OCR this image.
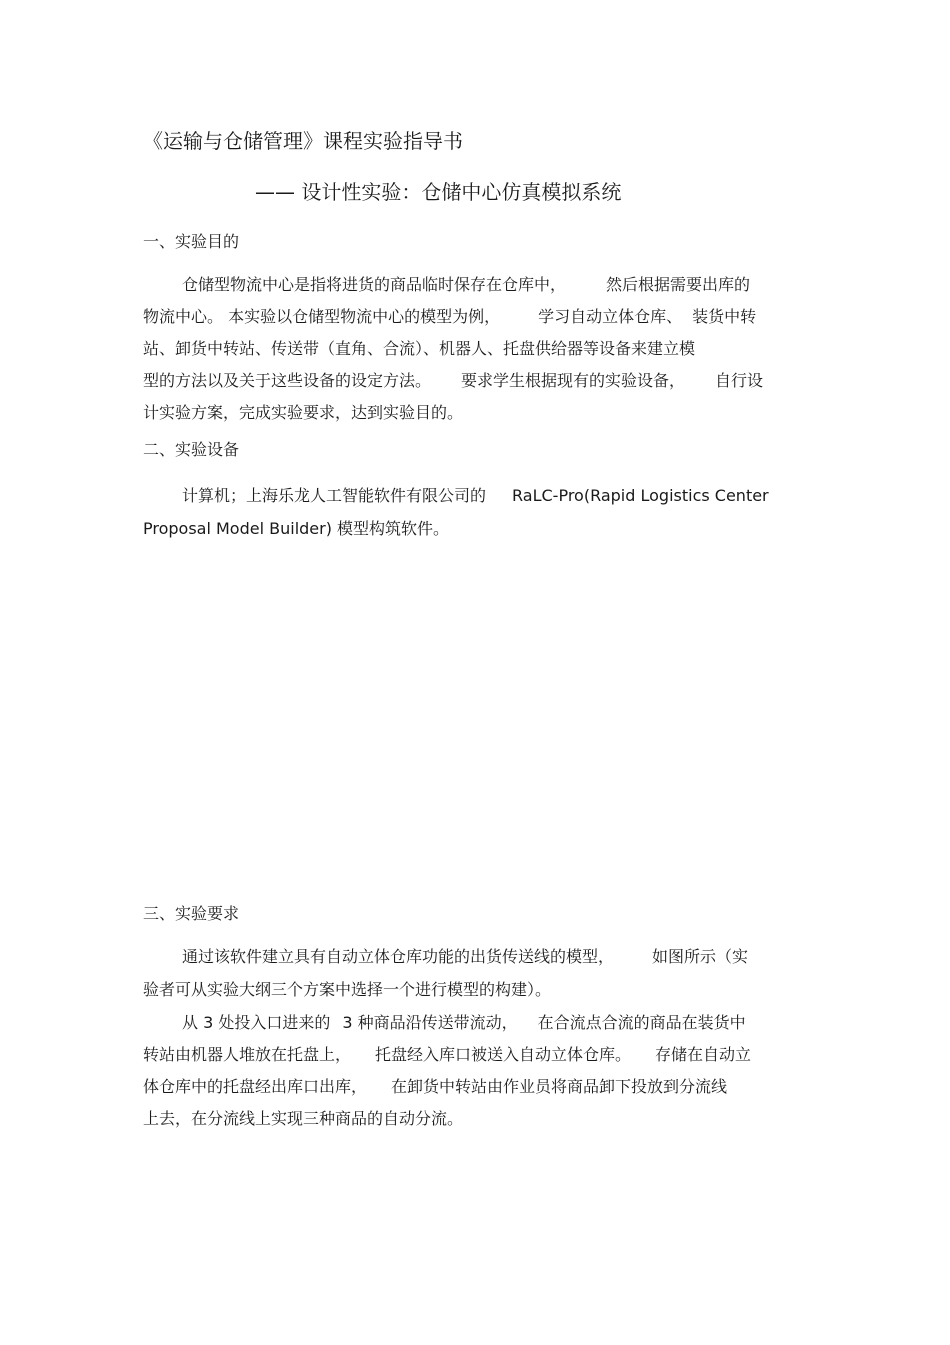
《运输与仓储管理》课程实验指导书
—— 设计性实验：仓储中心仿真模拟系统
一、实验目的
仓储型物流中心是指将进货的商品临时保存在仓库中，	然后根据需要出库的
物流中心。 本实验以仓储型物流中心的模型为例， 学习自动立体仓库、 装货中转
站、卸货中转站、传送带（直角、合流）、机器人、托盘供给器等设备来建立模
型的方法以及关于这些设备的设定方法。 要求学生根据现有的实验设备， 自行设
计实验方案，完成实验要求，达到实验目的。
二、实验设备
计算机；上海乐龙人工智能软件有限公司的 RaLC-Pro(Rapid Logistics Center
Proposal Model Builder) 模型构筑软件。
三、实验要求
通过该软件建立具有自动立体仓库功能的出货传送线的模型， 如图所示（实
验者可从实验大纲三个方案中选择一个进行模型的构建）。
从 3 处投入口进来的 3 种商品沿传送带流动， 在合流点合流的商品在装货中
转站由机器人堆放在托盘上， 托盘经入库口被送入自动立体仓库。 存储在自动立
体仓库中的托盘经出库口出库， 在卸货中转站由作业员将商品卸下投放到分流线
上去，在分流线上实现三种商品的自动分流。
